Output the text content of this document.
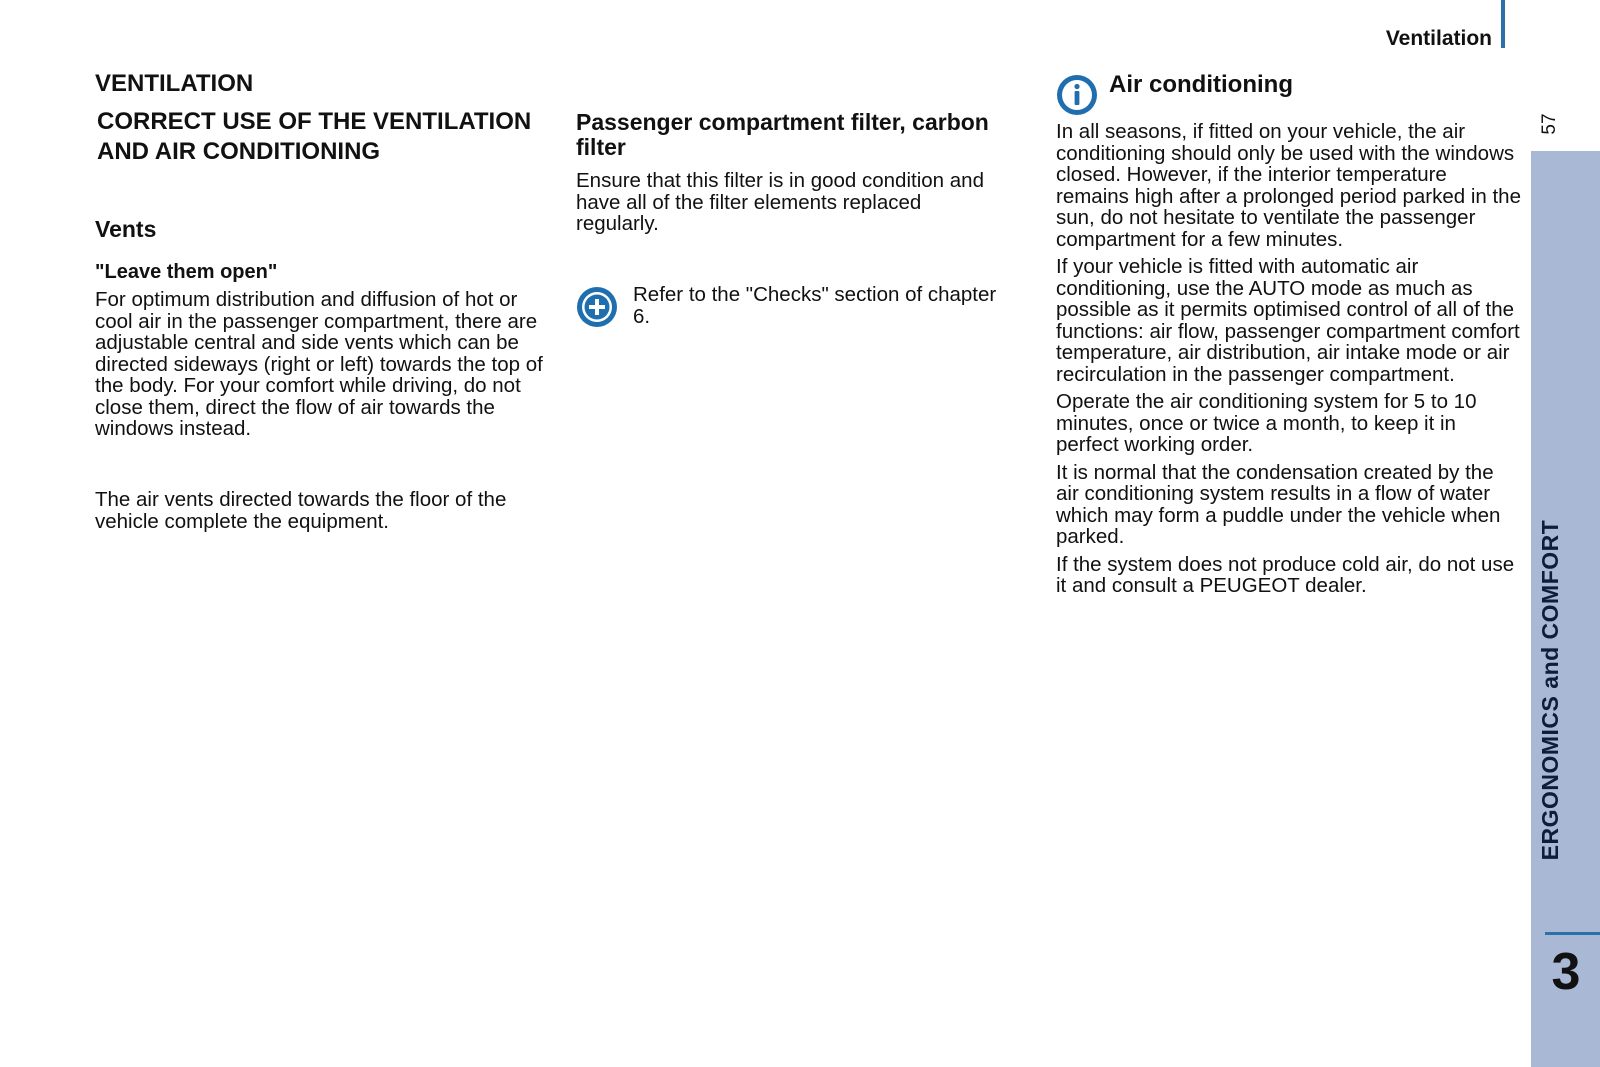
Ventilation
57
ERGONOMICS and COMFORT
3
VENTILATION
CORRECT USE OF THE VENTILATION AND AIR CONDITIONING
Vents
"Leave them open"

For optimum distribution and diffusion of hot or cool air in the passenger compartment, there are adjustable central and side vents which can be directed sideways (right or left) towards the top of the body. For your comfort while driving, do not close them, direct the flow of air towards the windows instead.

The air vents directed towards the floor of the vehicle complete the equipment.

Passenger compartment filter, carbon filter

Ensure that this filter is in good condition and have all of the filter elements replaced regularly.

Refer to the "Checks" section of chapter 6.

Air conditioning

In all seasons, if fitted on your vehicle, the air conditioning should only be used with the windows closed. However, if the interior temperature remains high after a prolonged period parked in the sun, do not hesitate to ventilate the passenger compartment for a few minutes.

If your vehicle is fitted with automatic air conditioning, use the AUTO mode as much as possible as it permits optimised control of all of the functions: air flow, passenger compartment comfort temperature, air distribution, air intake mode or air recirculation in the passenger compartment.

Operate the air conditioning system for 5 to 10 minutes, once or twice a month, to keep it in perfect working order.

It is normal that the condensation created by the air conditioning system results in a flow of water which may form a puddle under the vehicle when parked.

If the system does not produce cold air, do not use it and consult a PEUGEOT dealer.
